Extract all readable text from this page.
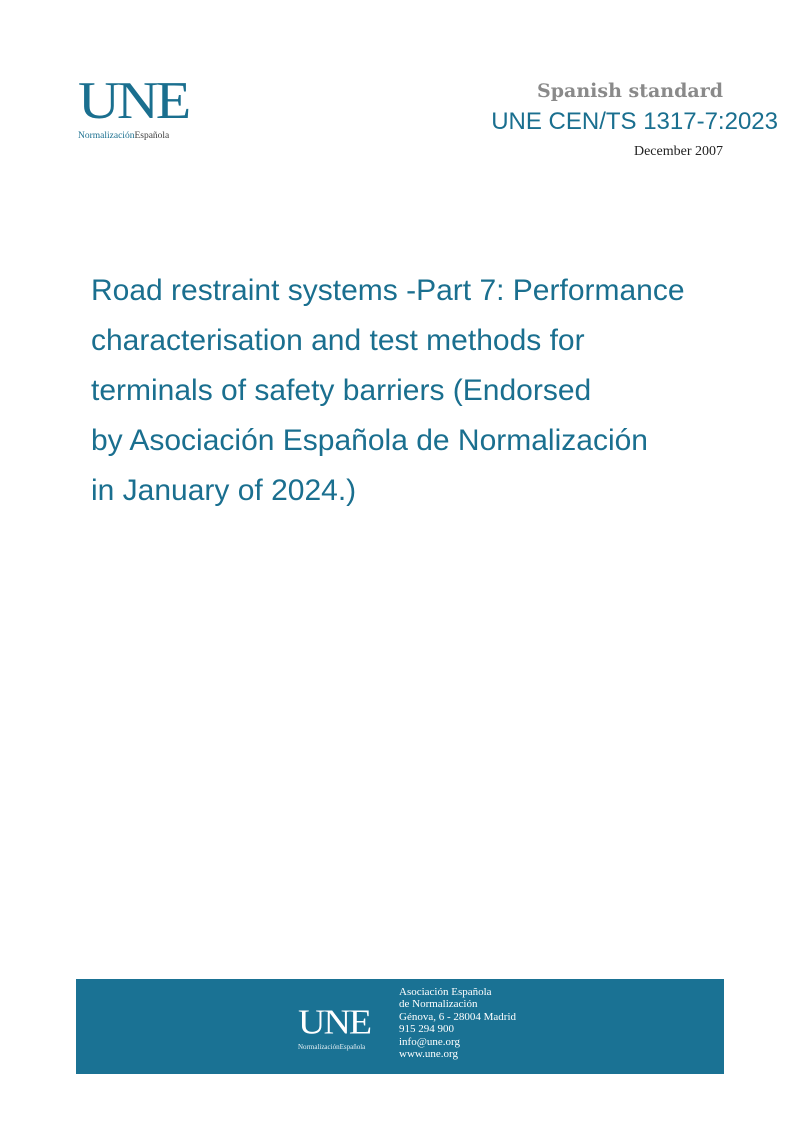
UNE
NormalizaciónEspañola
Spanish standard
UNE CEN/TS 1317-7:2023
December 2007
Road restraint systems -Part 7: Performance
characterisation and test methods for
terminals of safety barriers (Endorsed
by Asociación Española de Normalización
in January of 2024.)
UNE
NormalizaciónEspañola
Asociación Española
de Normalización
Génova, 6 - 28004 Madrid
915 294 900
info@une.org
www.une.org
